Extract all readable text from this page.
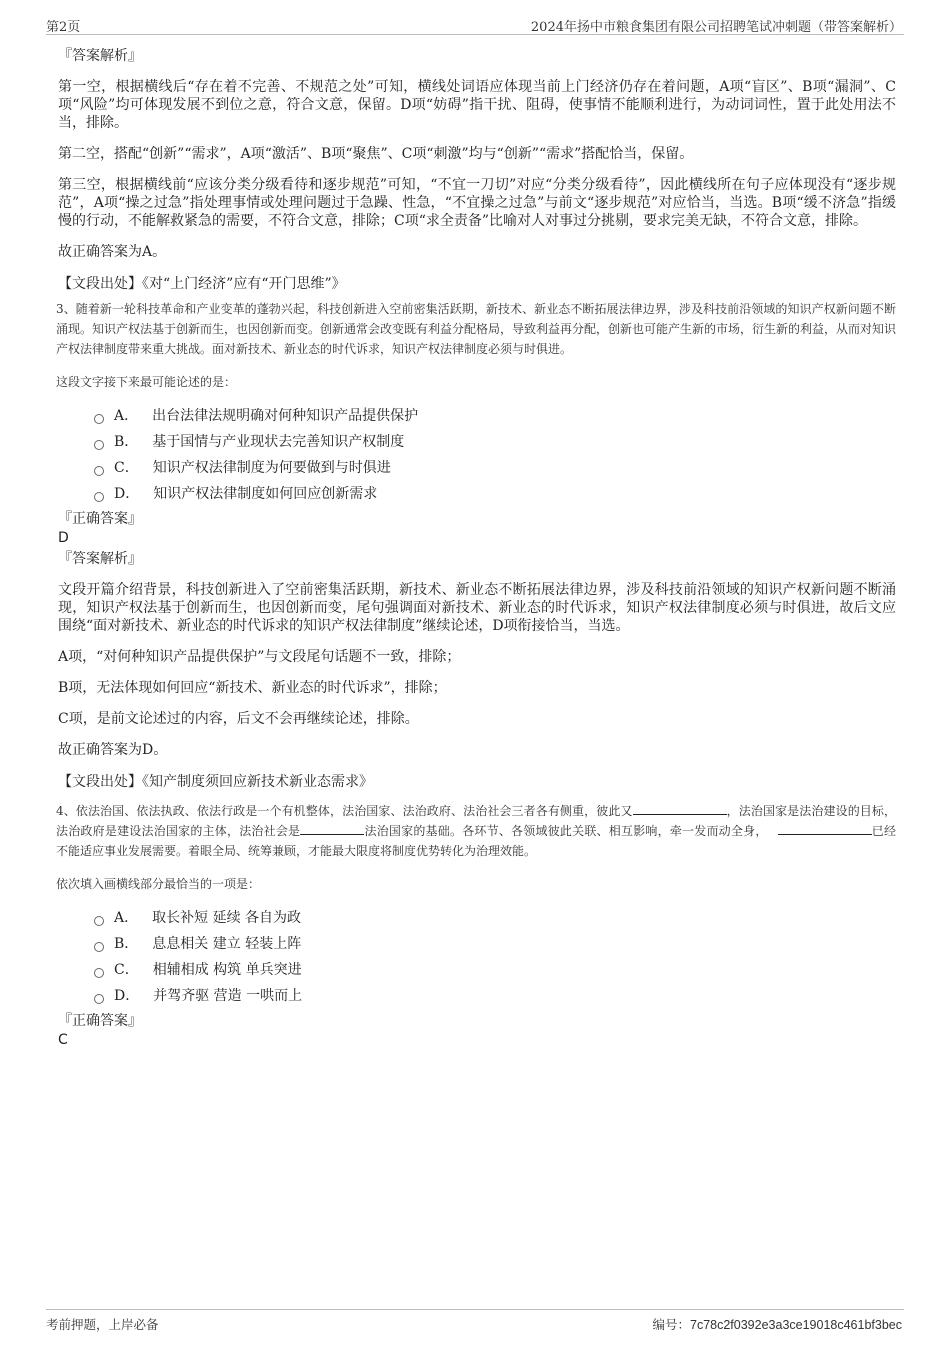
第2页	2024年扬中市粮食集团有限公司招聘笔试冲刺题（带答案解析）
『答案解析』

第一空，根据横线后“存在着不完善、不规范之处”可知，横线处词语应体现当前上门经济仍存在着问题，A项“盲区”、B项“漏洞”、C项“风险”均可体现发展不到位之意，符合文意，保留。D项“妨碍”指干扰、阻碍，使事情不能顺利进行，为动词词性，置于此处用法不当，排除。

第二空，搭配“创新”“需求”，A项“激活”、B项“聚焦”、C项“刺激”均与“创新”“需求”搭配恰当，保留。

第三空，根据横线前“应该分类分级看待和逐步规范”可知，“不宜一刀切”对应“分类分级看待”，因此横线所在句子应体现没有“逐步规范”，A项“操之过急”指处理事情或处理问题过于急躁、性急，“不宜操之过急”与前文“逐步规范”对应恰当，当选。B项“缓不济急”指缓慢的行动，不能解救紧急的需要，不符合文意，排除；C项“求全责备”比喻对人对事过分挑剔，要求完美无缺，不符合文意，排除。

故正确答案为A。

【文段出处】《对“上门经济”应有“开门思维”》

3、随着新一轮科技革命和产业变革的蓬勃兴起，科技创新进入空前密集活跃期，新技术、新业态不断拓展法律边界，涉及科技前沿领域的知识产权新问题不断涌现。知识产权法基于创新而生，也因创新而变。创新通常会改变既有利益分配格局，导致利益再分配，创新也可能产生新的市场，衍生新的利益，从而对知识产权法律制度带来重大挑战。面对新技术、新业态的时代诉求，知识产权法律制度必须与时俱进。

这段文字接下来最可能论述的是：

A． 出台法律法规明确对何种知识产品提供保护
B． 基于国情与产业现状去完善知识产权制度
C． 知识产权法律制度为何要做到与时俱进
D． 知识产权法律制度如何回应创新需求
『正确答案』
D
『答案解析』

文段开篇介绍背景，科技创新进入了空前密集活跃期，新技术、新业态不断拓展法律边界，涉及科技前沿领域的知识产权新问题不断涌现，知识产权法基于创新而生，也因创新而变，尾句强调面对新技术、新业态的时代诉求，知识产权法律制度必须与时俱进，故后文应围绕“面对新技术、新业态的时代诉求的知识产权法律制度”继续论述，D项衔接恰当，当选。

A项，“对何种知识产品提供保护”与文段尾句话题不一致，排除；

B项，无法体现如何回应“新技术、新业态的时代诉求”，排除；

C项，是前文论述过的内容，后文不会再继续论述，排除。

故正确答案为D。

【文段出处】《知产制度须回应新技术新业态需求》

4、依法治国、依法执政、依法行政是一个有机整体，法治国家、法治政府、法治社会三者各有侧重，彼此又	，法治国家是法治建设的目标，法治政府是建设法治国家的主体，法治社会是	法治国家的基础。各环节、各领域彼此关联、相互影响，牵一发而动全身，	已经不能适应事业发展需要。着眼全局、统筹兼顾，才能最大限度将制度优势转化为治理效能。

依次填入画横线部分最恰当的一项是：

A． 取长补短 延续 各自为政
B． 息息相关 建立 轻装上阵
C． 相辅相成 构筑 单兵突进
D． 并驾齐驱 营造 一哄而上
『正确答案』
C
考前押题，上岸必备	编号：7c78c2f0392e3a3ce19018c461bf3bec
